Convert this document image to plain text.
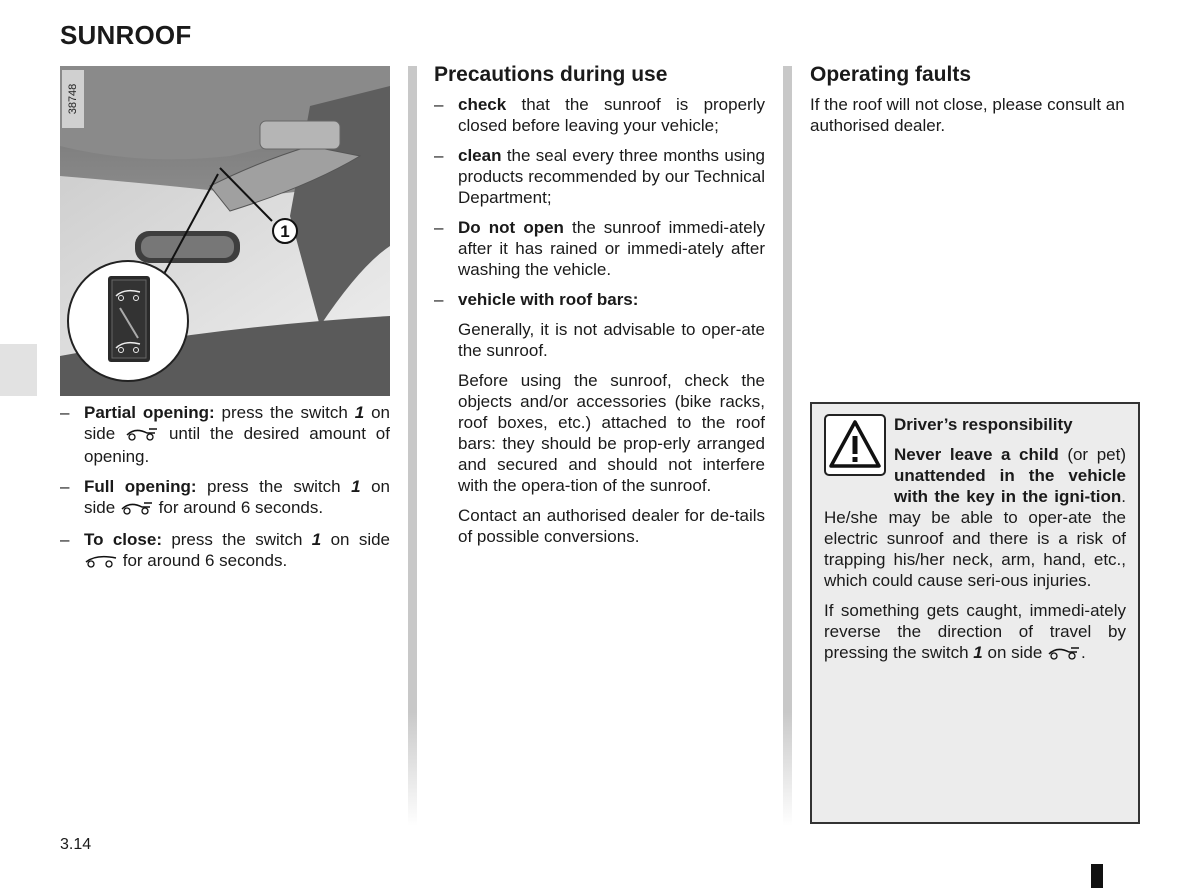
SUNROOF
1
38748
– Partial opening: press the switch 1 on side  until the desired amount of opening.
– Full opening: press the switch 1 on side  for around 6 seconds.
– To close: press the switch 1 on side  for around 6 seconds.
Precautions during use
– check that the sunroof is properly closed before leaving your vehicle;
– clean the seal every three months using products recommended by our Technical Department;
– Do not open the sunroof immedi-ately after it has rained or immedi-ately after washing the vehicle.
– vehicle with roof bars:

Generally, it is not advisable to oper-ate the sunroof.

Before using the sunroof, check the objects and/or accessories (bike racks, roof boxes, etc.) attached to the roof bars: they should be prop-erly arranged and secured and should not interfere with the opera-tion of the sunroof.

Contact an authorised dealer for de-tails of possible conversions.

Operating faults

If the roof will not close, please consult an authorised dealer.

Driver’s responsibility

Never leave a child (or pet) unattended in the vehicle with the key in the igni-tion. He/she may be able to oper-ate the electric sunroof and there is a risk of trapping his/her neck, arm, hand, etc., which could cause seri-ous injuries.

If something gets caught, immedi-ately reverse the direction of travel by pressing the switch 1 on side .

3.14
